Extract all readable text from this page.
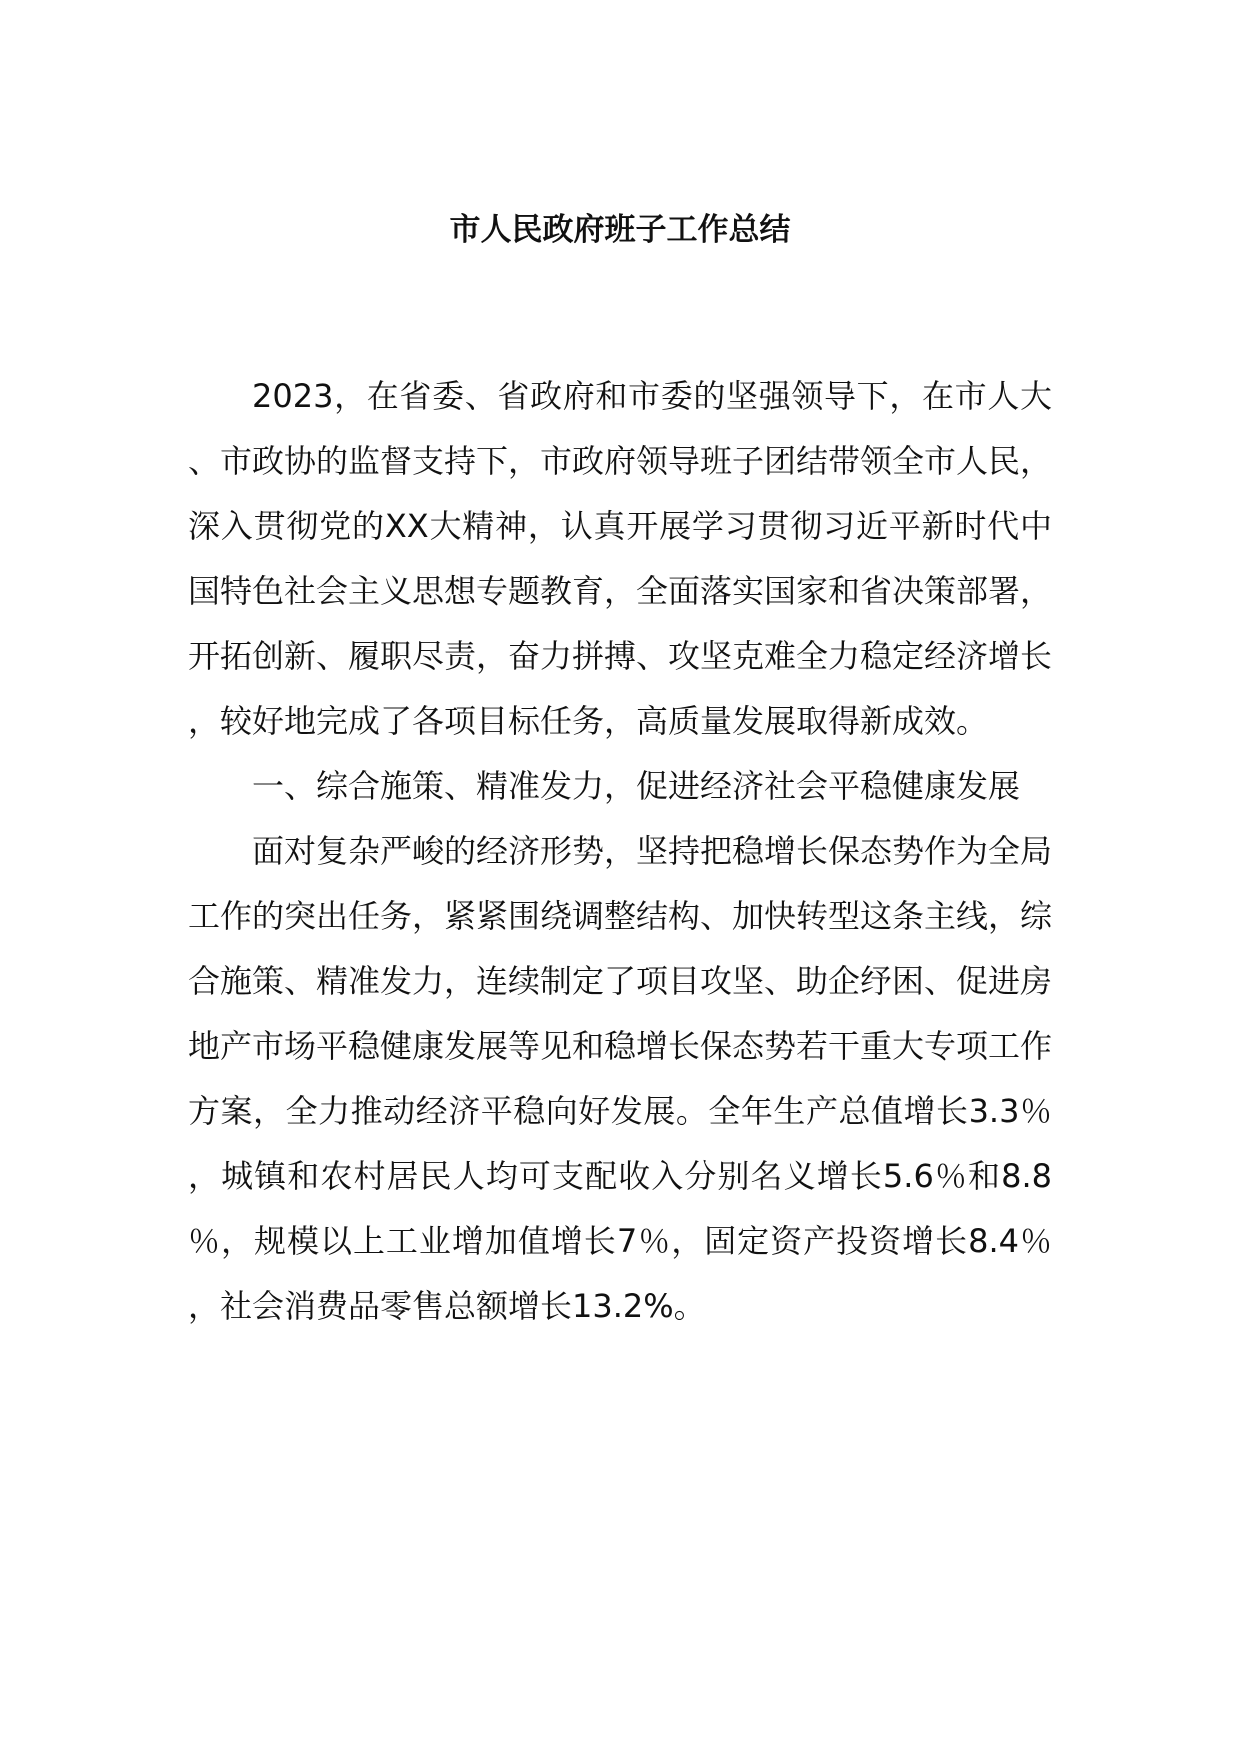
市人民政府班子工作总结

2023，在省委、省政府和市委的坚强领导下，在市人大、市政协的监督支持下，市政府领导班子团结带领全市人民，深入贯彻党的XX大精神，认真开展学习贯彻习近平新时代中国特色社会主义思想专题教育，全面落实国家和省决策部署，开拓创新、履职尽责，奋力拼搏、攻坚克难全力稳定经济增长，较好地完成了各项目标任务，高质量发展取得新成效。

一、综合施策、精准发力，促进经济社会平稳健康发展

面对复杂严峻的经济形势，坚持把稳增长保态势作为全局工作的突出任务，紧紧围绕调整结构、加快转型这条主线，综合施策、精准发力，连续制定了项目攻坚、助企纾困、促进房地产市场平稳健康发展等见和稳增长保态势若干重大专项工作方案，全力推动经济平稳向好发展。全年生产总值增长3.3％，城镇和农村居民人均可支配收入分别名义增长5.6％和8.8％，规模以上工业增加值增长7％，固定资产投资增长8.4％，社会消费品零售总额增长13.2%。
